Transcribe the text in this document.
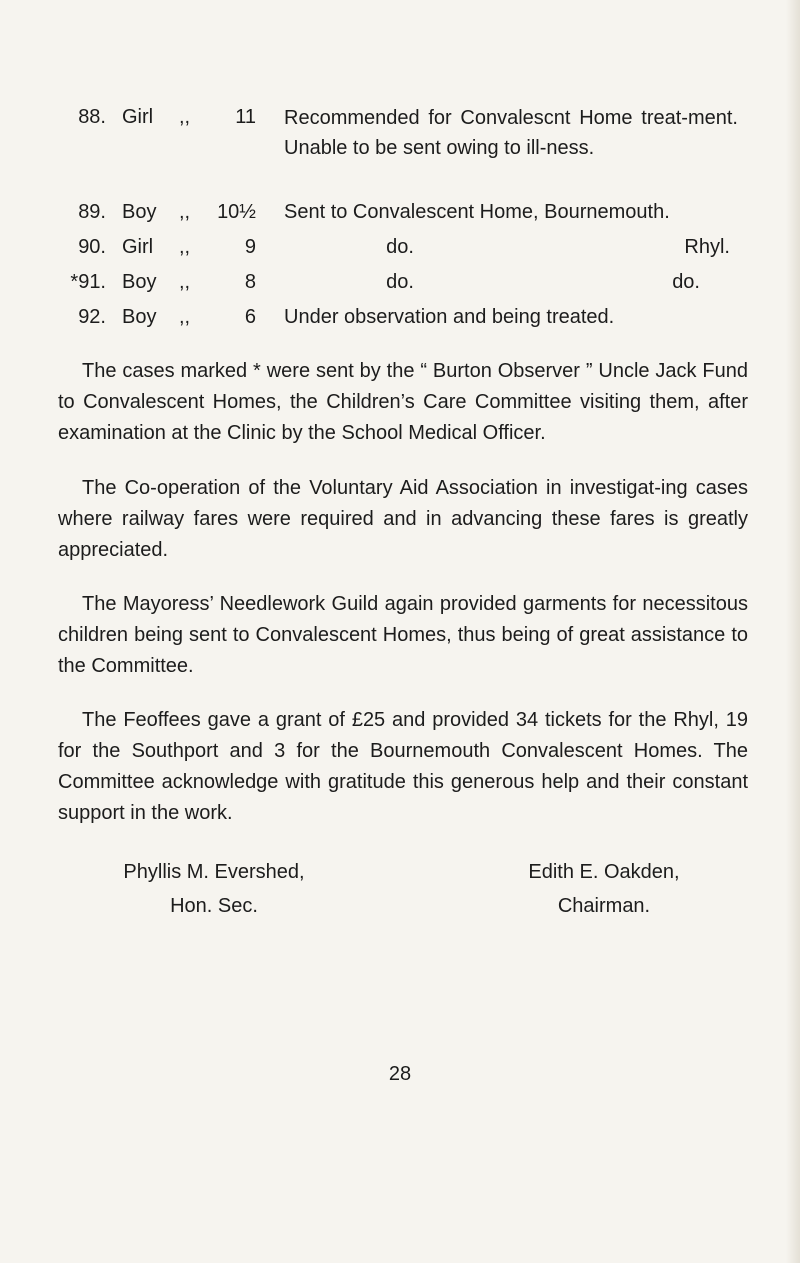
88. Girl ,,	11 Recommended for Convalescnt Home treat-ment. Unable to be sent owing to ill-ness.
89. Boy ,,	10½ Sent to Convalescent Home, Bournemouth.
90. Girl ,,	9	do.	Rhyl.
*91. Boy ,,	8	do.	do.
92. Boy ,,	6 Under observation and being treated.

The cases marked * were sent by the “ Burton Observer ” Uncle Jack Fund to Convalescent Homes, the Children’s Care Committee visiting them, after examination at the Clinic by the School Medical Officer.

The Co-operation of the Voluntary Aid Association in investigat-ing cases where railway fares were required and in advancing these fares is greatly appreciated.

The Mayoress’ Needlework Guild again provided garments for necessitous children being sent to Convalescent Homes, thus being of great assistance to the Committee.

The Feoffees gave a grant of £25 and provided 34 tickets for the Rhyl, 19 for the Southport and 3 for the Bournemouth Convalescent Homes. The Committee acknowledge with gratitude this generous help and their constant support in the work.

Phyllis M. Evershed,
Hon. Sec.
Edith E. Oakden,
Chairman.
28
